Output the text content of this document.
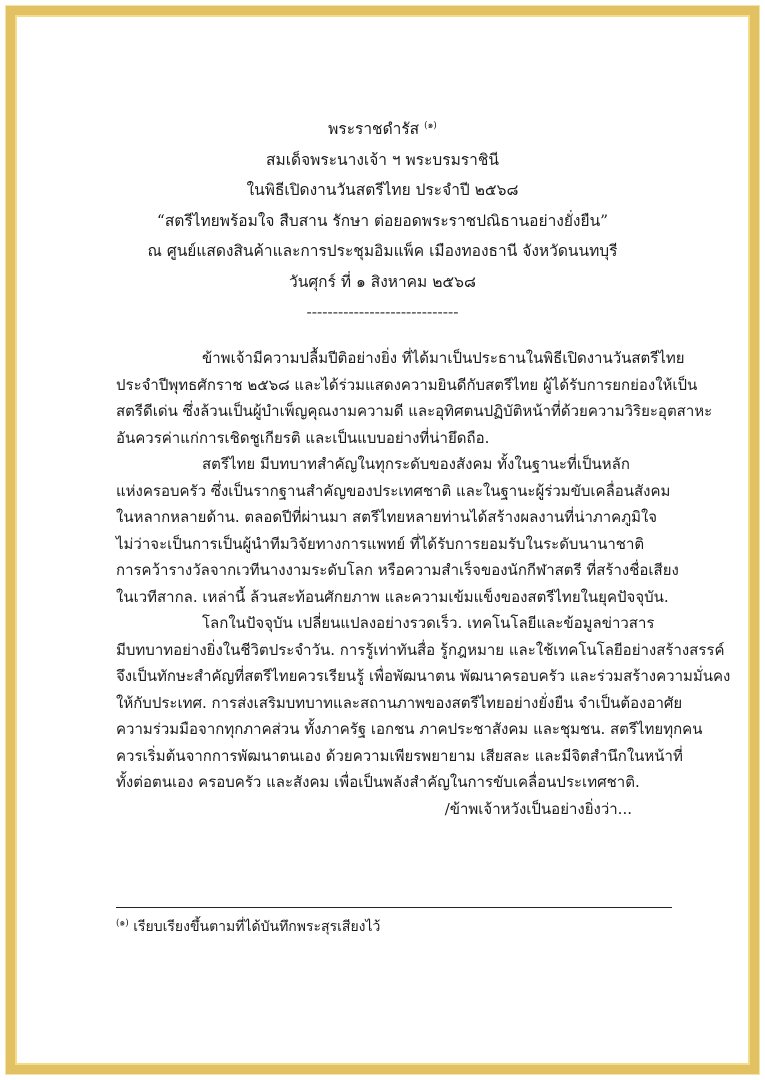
พระราชดำรัส $^{(๑)}$
สมเด็จพระนางเจ้า ฯ พระบรมราชินี
ในพิธีเปิดงานวันสตรีไทย ประจำปี ๒๕๖๘
“สตรีไทยพร้อมใจ สืบสาน รักษา ต่อยอดพระราชปณิธานอย่างยั่งยืน”
ณ ศูนย์แสดงสินค้าและการประชุมอิมแพ็ค เมืองทองธานี จังหวัดนนทบุรี
วันศุกร์ ที่ ๑ สิงหาคม ๒๕๖๘
-----------------------------
ข้าพเจ้ามีความปลื้มปีติอย่างยิ่ง ที่ได้มาเป็นประธานในพิธีเปิดงานวันสตรีไทย
ประจำปีพุทธศักราช ๒๕๖๘ และได้ร่วมแสดงความยินดีกับสตรีไทย ผู้ได้รับการยกย่องให้เป็น
สตรีดีเด่น ซึ่งล้วนเป็นผู้บำเพ็ญคุณงามความดี และอุทิศตนปฏิบัติหน้าที่ด้วยความวิริยะอุตสาหะ
อันควรค่าแก่การเชิดชูเกียรติ และเป็นแบบอย่างที่น่ายึดถือ.
สตรีไทย มีบทบาทสำคัญในทุกระดับของสังคม ทั้งในฐานะที่เป็นหลัก
แห่งครอบครัว ซึ่งเป็นรากฐานสำคัญของประเทศชาติ และในฐานะผู้ร่วมขับเคลื่อนสังคม
ในหลากหลายด้าน. ตลอดปีที่ผ่านมา สตรีไทยหลายท่านได้สร้างผลงานที่น่าภาคภูมิใจ
ไม่ว่าจะเป็นการเป็นผู้นำทีมวิจัยทางการแพทย์ ที่ได้รับการยอมรับในระดับนานาชาติ
การคว้ารางวัลจากเวทีนางงามระดับโลก หรือความสำเร็จของนักกีฬาสตรี ที่สร้างชื่อเสียง
ในเวทีสากล. เหล่านี้ ล้วนสะท้อนศักยภาพ และความเข้มแข็งของสตรีไทยในยุคปัจจุบัน.
โลกในปัจจุบัน เปลี่ยนแปลงอย่างรวดเร็ว. เทคโนโลยีและข้อมูลข่าวสาร
มีบทบาทอย่างยิ่งในชีวิตประจำวัน. การรู้เท่าทันสื่อ รู้กฎหมาย และใช้เทคโนโลยีอย่างสร้างสรรค์
จึงเป็นทักษะสำคัญที่สตรีไทยควรเรียนรู้ เพื่อพัฒนาตน พัฒนาครอบครัว และร่วมสร้างความมั่นคง
ให้กับประเทศ. การส่งเสริมบทบาทและสถานภาพของสตรีไทยอย่างยั่งยืน จำเป็นต้องอาศัย
ความร่วมมือจากทุกภาคส่วน ทั้งภาครัฐ เอกชน ภาคประชาสังคม และชุมชน. สตรีไทยทุกคน
ควรเริ่มต้นจากการพัฒนาตนเอง ด้วยความเพียรพยายาม เสียสละ และมีจิตสำนึกในหน้าที่
ทั้งต่อตนเอง ครอบครัว และสังคม เพื่อเป็นพลังสำคัญในการขับเคลื่อนประเทศชาติ.
/ข้าพเจ้าหวังเป็นอย่างยิ่งว่า...
$^{(๑)}$ เรียบเรียงขึ้นตามที่ได้บันทึกพระสุรเสียงไว้
